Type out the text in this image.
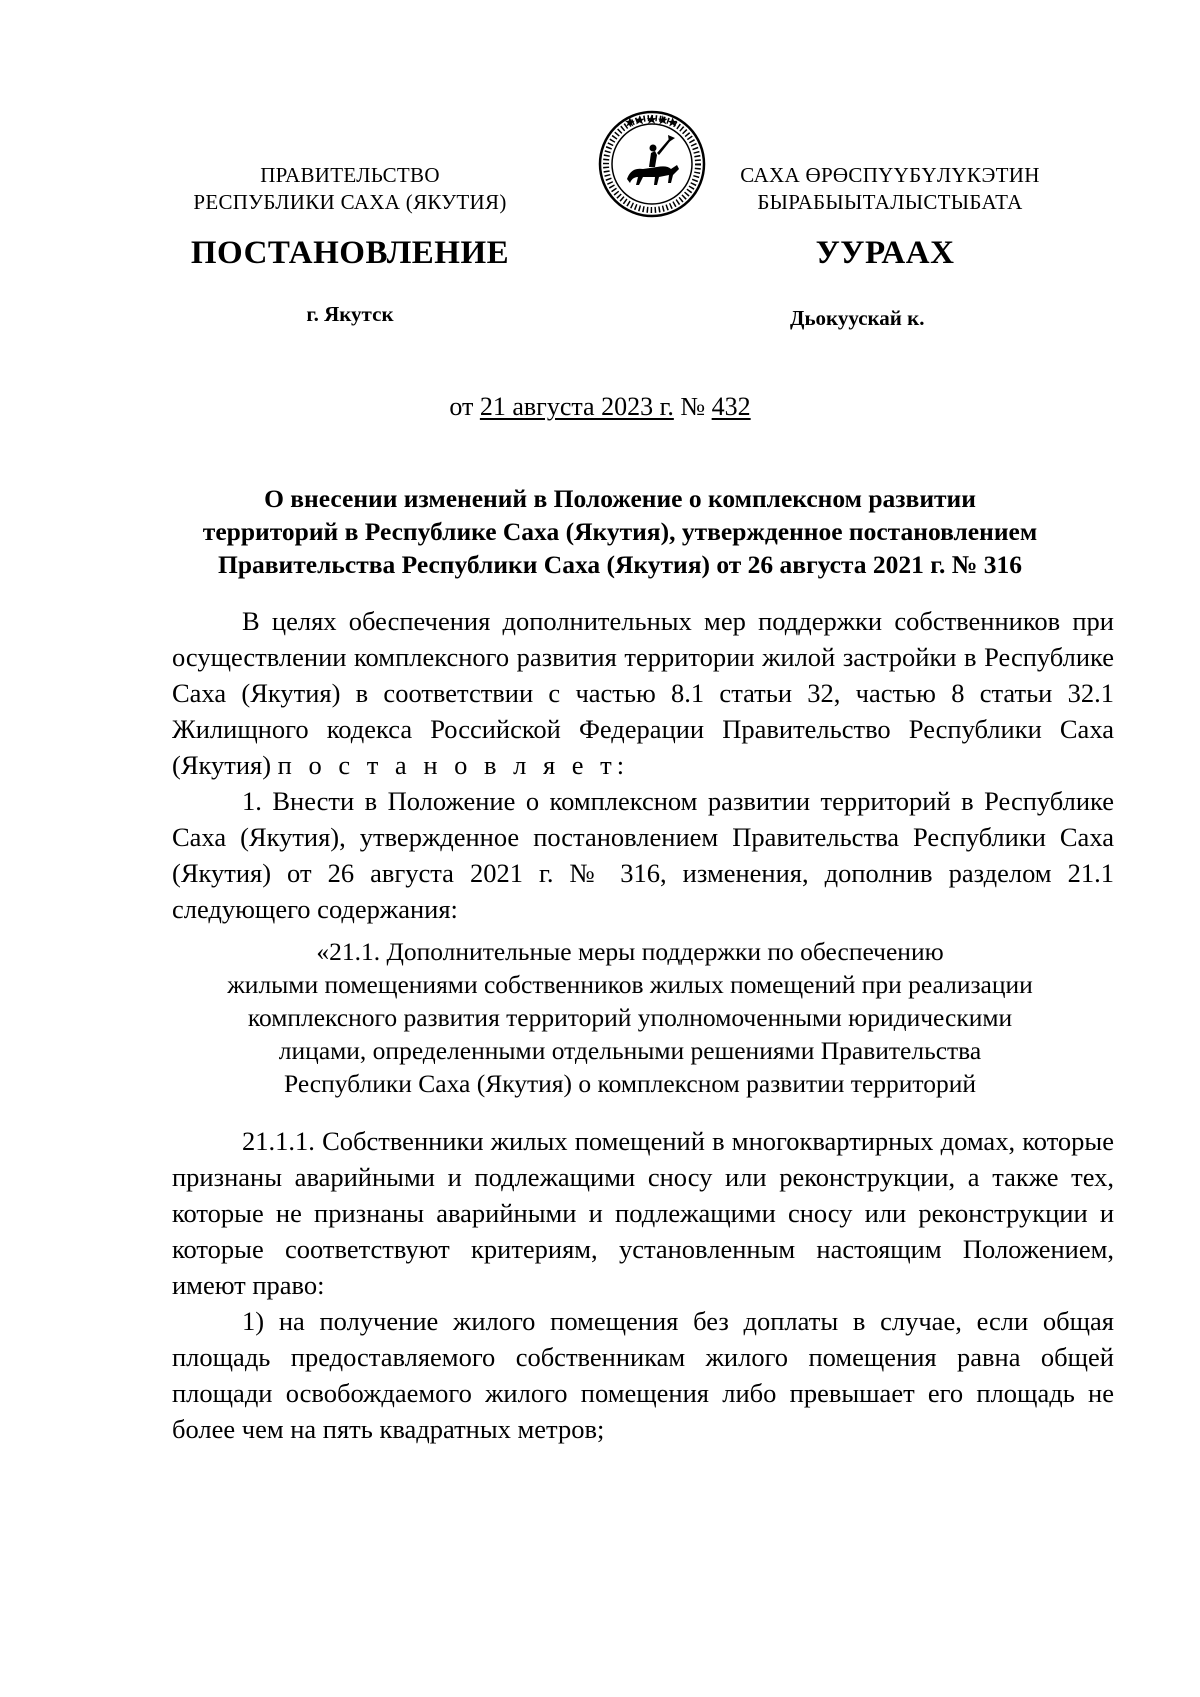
ПРАВИТЕЛЬСТВО
РЕСПУБЛИКИ САХА (ЯКУТИЯ)
САХА ӨРӨСПҮҮБҮЛҮКЭТИН
БЫРАБЫЫТАЛЫСТЫБАТА
ПОСТАНОВЛЕНИЕ	УУРААХ
г. Якутск	Дьокуускай к.
от 21 августа 2023 г. № 432
О внесении изменений в Положение о комплексном развитии
территорий в Республике Саха (Якутия), утвержденное постановлением
Правительства Республики Саха (Якутия) от 26 августа 2021 г. № 316

В целях обеспечения дополнительных мер поддержки собственников при осуществлении комплексного развития территории жилой застройки в Республике Саха (Якутия) в соответствии с частью 8.1 статьи 32, частью 8 статьи 32.1 Жилищного кодекса Российской Федерации Правительство Республики Саха (Якутия) п о с т а н о в л я е т:

1. Внести в Положение о комплексном развитии территорий в Республике Саха (Якутия), утвержденное постановлением Правительства Республики Саха (Якутия) от 26 августа 2021 г. № 316, изменения, дополнив разделом 21.1 следующего содержания:

«21.1. Дополнительные меры поддержки по обеспечению
жилыми помещениями собственников жилых помещений при реализации
комплексного развития территорий уполномоченными юридическими
лицами, определенными отдельными решениями Правительства
Республики Саха (Якутия) о комплексном развитии территорий

21.1.1. Собственники жилых помещений в многоквартирных домах, которые признаны аварийными и подлежащими сносу или реконструкции, а также тех, которые не признаны аварийными и подлежащими сносу или реконструкции и которые соответствуют критериям, установленным настоящим Положением, имеют право:

1) на получение жилого помещения без доплаты в случае, если общая площадь предоставляемого собственникам жилого помещения равна общей площади освобождаемого жилого помещения либо превышает его площадь не более чем на пять квадратных метров;
